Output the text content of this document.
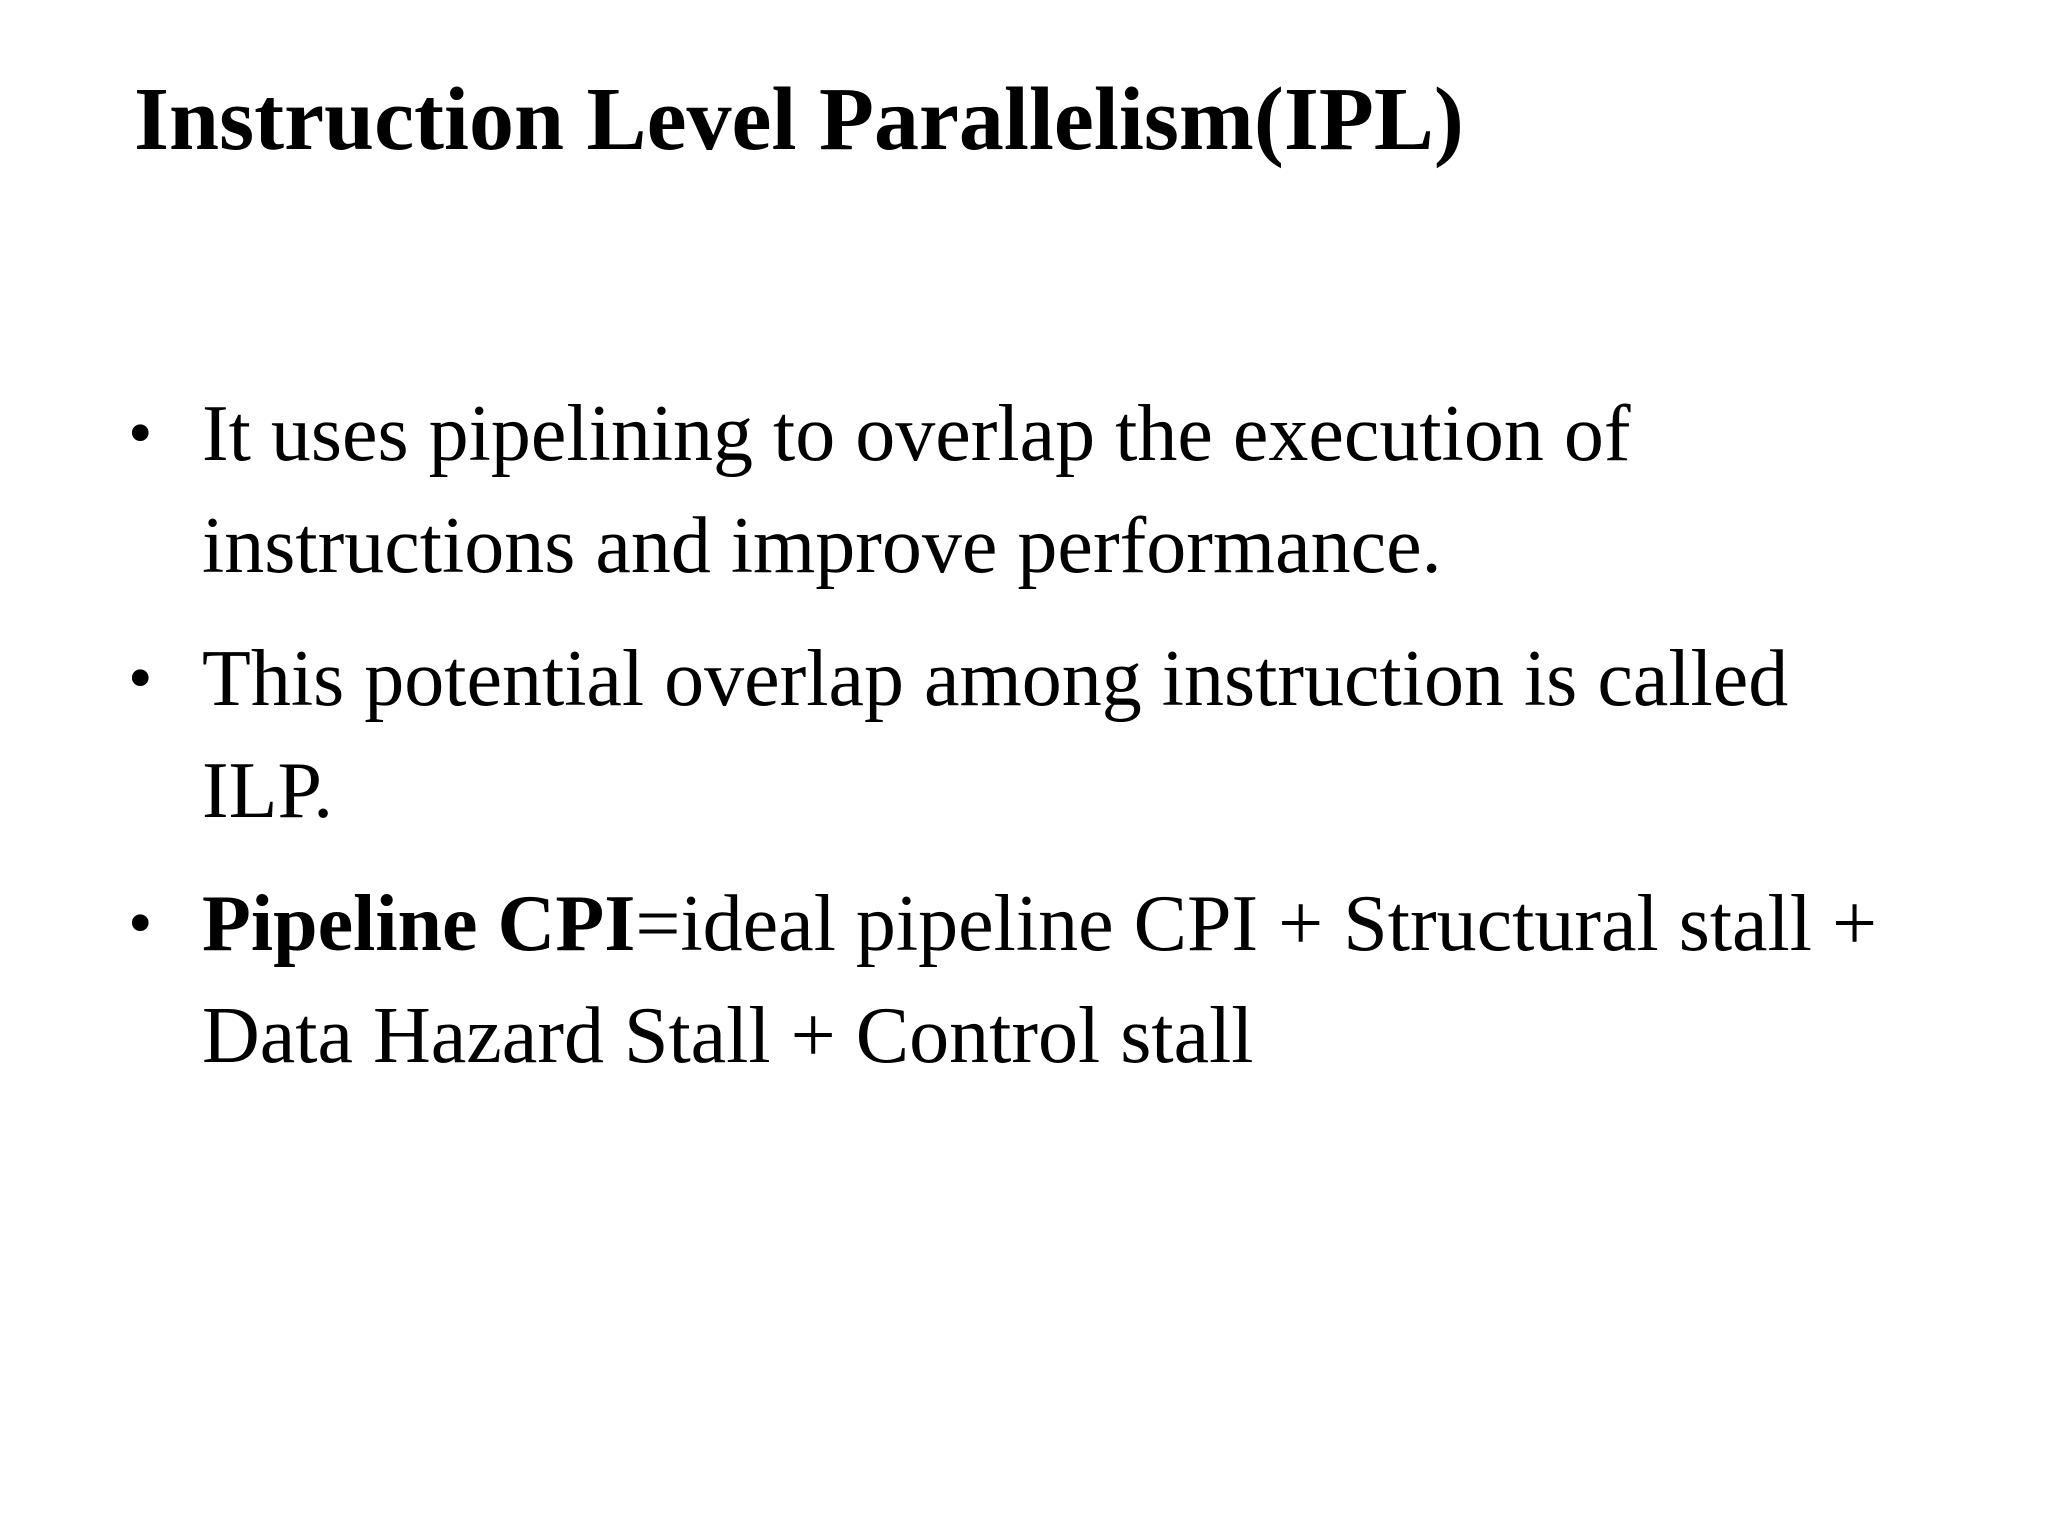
Instruction Level Parallelism(IPL)
• It uses pipelining to overlap the execution of instructions and improve performance.
• This potential overlap among instruction is called ILP.
• Pipeline CPI=ideal pipeline CPI + Structural stall + Data Hazard Stall + Control stall
